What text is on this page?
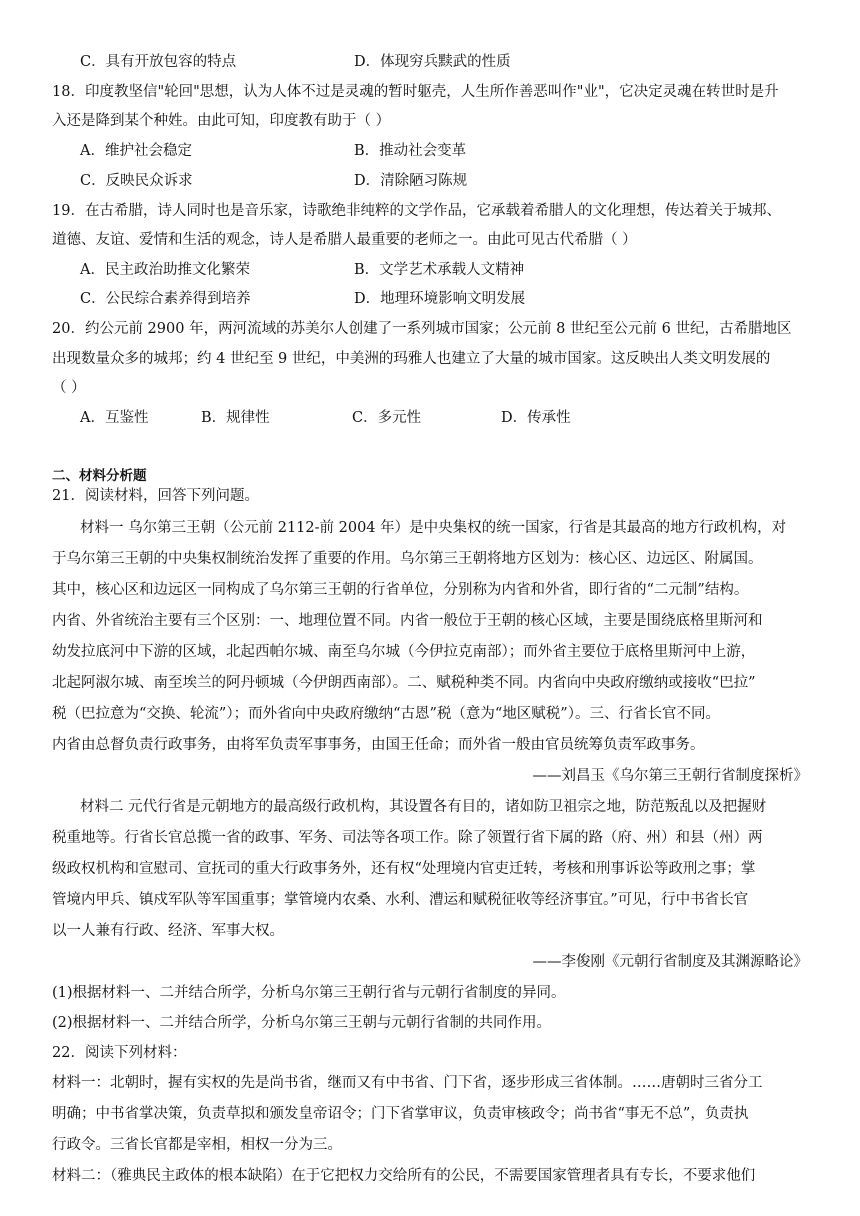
C．具有开放包容的特点	D．体现穷兵黩武的性质
18．印度教坚信"轮回"思想，认为人体不过是灵魂的暂时躯壳，人生所作善恶叫作"业"，它决定灵魂在转世时是升
入还是降到某个种姓。由此可知，印度教有助于（ ）
A．维护社会稳定	B．推动社会变革
C．反映民众诉求	D．清除陋习陈规
19．在古希腊，诗人同时也是音乐家，诗歌绝非纯粹的文学作品，它承载着希腊人的文化理想，传达着关于城邦、
道德、友谊、爱情和生活的观念，诗人是希腊人最重要的老师之一。由此可见古代希腊（ ）
A．民主政治助推文化繁荣	B．文学艺术承载人文精神
C．公民综合素养得到培养	D．地理环境影响文明发展
20．约公元前 2900 年，两河流域的苏美尔人创建了一系列城市国家；公元前 8 世纪至公元前 6 世纪，古希腊地区
出现数量众多的城邦；约 4 世纪至 9 世纪，中美洲的玛雅人也建立了大量的城市国家。这反映出人类文明发展的
（ ）
A．互鉴性	B．规律性	C．多元性	D．传承性
二、材料分析题
21．阅读材料，回答下列问题。
材料一 乌尔第三王朝（公元前 2112-前 2004 年）是中央集权的统一国家，行省是其最高的地方行政机构，对
于乌尔第三王朝的中央集权制统治发挥了重要的作用。乌尔第三王朝将地方区划为：核心区、边远区、附属国。
其中，核心区和边远区一同构成了乌尔第三王朝的行省单位，分别称为内省和外省，即行省的“二元制”结构。
内省、外省统治主要有三个区别：一、地理位置不同。内省一般位于王朝的核心区域，主要是围绕底格里斯河和
幼发拉底河中下游的区域，北起西帕尔城、南至乌尔城（今伊拉克南部）；而外省主要位于底格里斯河中上游，
北起阿淑尔城、南至埃兰的阿丹顿城（今伊朗西南部）。二、赋税种类不同。内省向中央政府缴纳或接收“巴拉”
税（巴拉意为“交换、轮流”）；而外省向中央政府缴纳“古恩”税（意为“地区赋税”）。三、行省长官不同。
内省由总督负责行政事务，由将军负责军事事务，由国王任命；而外省一般由官员统筹负责军政事务。
——刘昌玉《乌尔第三王朝行省制度探析》
材料二 元代行省是元朝地方的最高级行政机构，其设置各有目的，诸如防卫祖宗之地，防范叛乱以及把握财
税重地等。行省长官总揽一省的政事、军务、司法等各项工作。除了领置行省下属的路（府、州）和县（州）两
级政权机构和宣慰司、宣抚司的重大行政事务外，还有权“处理境内官吏迁转，考核和刑事诉讼等政刑之事；掌
管境内甲兵、镇戍军队等军国重事；掌管境内农桑、水利、漕运和赋税征收等经济事宜。”可见，行中书省长官
以一人兼有行政、经济、军事大权。
——李俊刚《元朝行省制度及其渊源略论》
(1)根据材料一、二并结合所学，分析乌尔第三王朝行省与元朝行省制度的异同。
(2)根据材料一、二并结合所学，分析乌尔第三王朝与元朝行省制的共同作用。
22．阅读下列材料：
材料一：北朝时，握有实权的先是尚书省，继而又有中书省、门下省，逐步形成三省体制。……唐朝时三省分工
明确；中书省掌决策，负责草拟和颁发皇帝诏令；门下省掌审议，负责审核政令；尚书省“事无不总”，负责执
行政令。三省长官都是宰相，相权一分为三。
材料二：（雅典民主政体的根本缺陷）在于它把权力交给所有的公民，不需要国家管理者具有专长，不要求他们
